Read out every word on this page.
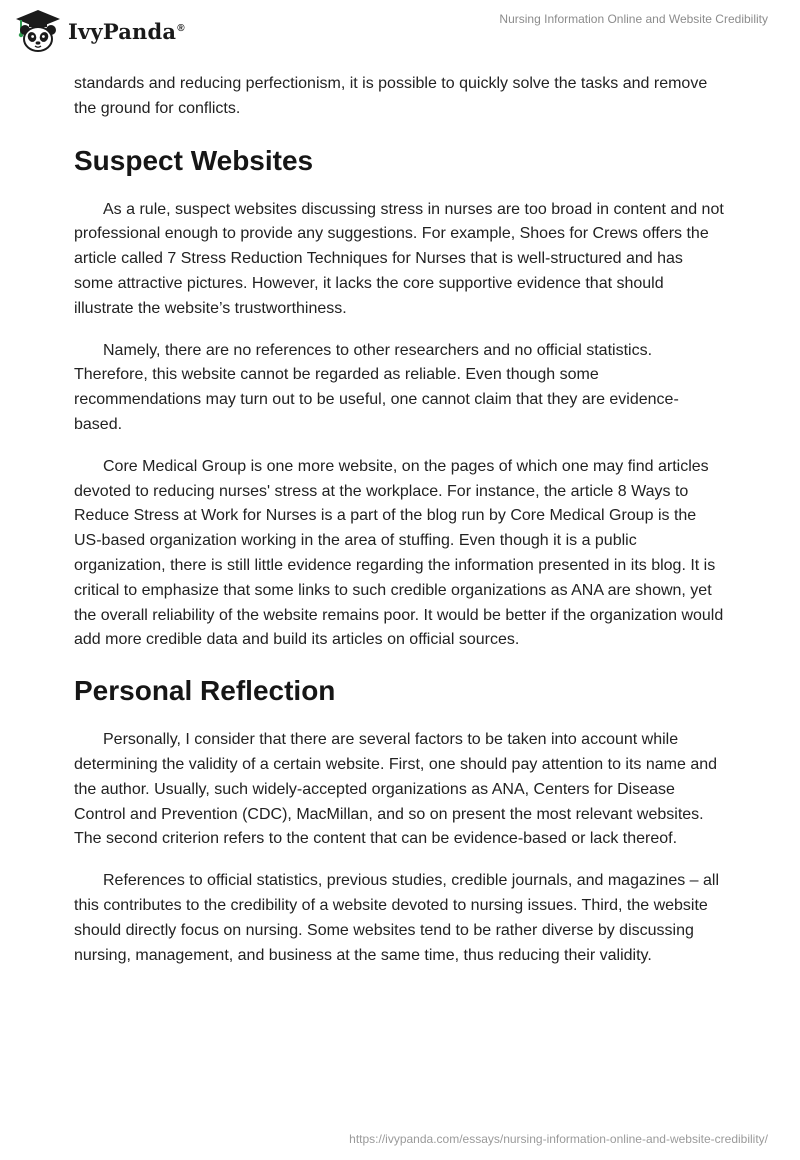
IvyPanda®
Nursing Information Online and Website Credibility

standards and reducing perfectionism, it is possible to quickly solve the tasks and remove the ground for conflicts.

Suspect Websites

As a rule, suspect websites discussing stress in nurses are too broad in content and not professional enough to provide any suggestions. For example, Shoes for Crews offers the article called 7 Stress Reduction Techniques for Nurses that is well-structured and has some attractive pictures. However, it lacks the core supportive evidence that should illustrate the website’s trustworthiness.

Namely, there are no references to other researchers and no official statistics. Therefore, this website cannot be regarded as reliable. Even though some recommendations may turn out to be useful, one cannot claim that they are evidence-based.

Core Medical Group is one more website, on the pages of which one may find articles devoted to reducing nurses' stress at the workplace. For instance, the article 8 Ways to Reduce Stress at Work for Nurses is a part of the blog run by Core Medical Group is the US-based organization working in the area of stuffing. Even though it is a public organization, there is still little evidence regarding the information presented in its blog. It is critical to emphasize that some links to such credible organizations as ANA are shown, yet the overall reliability of the website remains poor. It would be better if the organization would add more credible data and build its articles on official sources.

Personal Reflection

Personally, I consider that there are several factors to be taken into account while determining the validity of a certain website. First, one should pay attention to its name and the author. Usually, such widely-accepted organizations as ANA, Centers for Disease Control and Prevention (CDC), MacMillan, and so on present the most relevant websites. The second criterion refers to the content that can be evidence-based or lack thereof.

References to official statistics, previous studies, credible journals, and magazines – all this contributes to the credibility of a website devoted to nursing issues. Third, the website should directly focus on nursing. Some websites tend to be rather diverse by discussing nursing, management, and business at the same time, thus reducing their validity.

https://ivypanda.com/essays/nursing-information-online-and-website-credibility/
